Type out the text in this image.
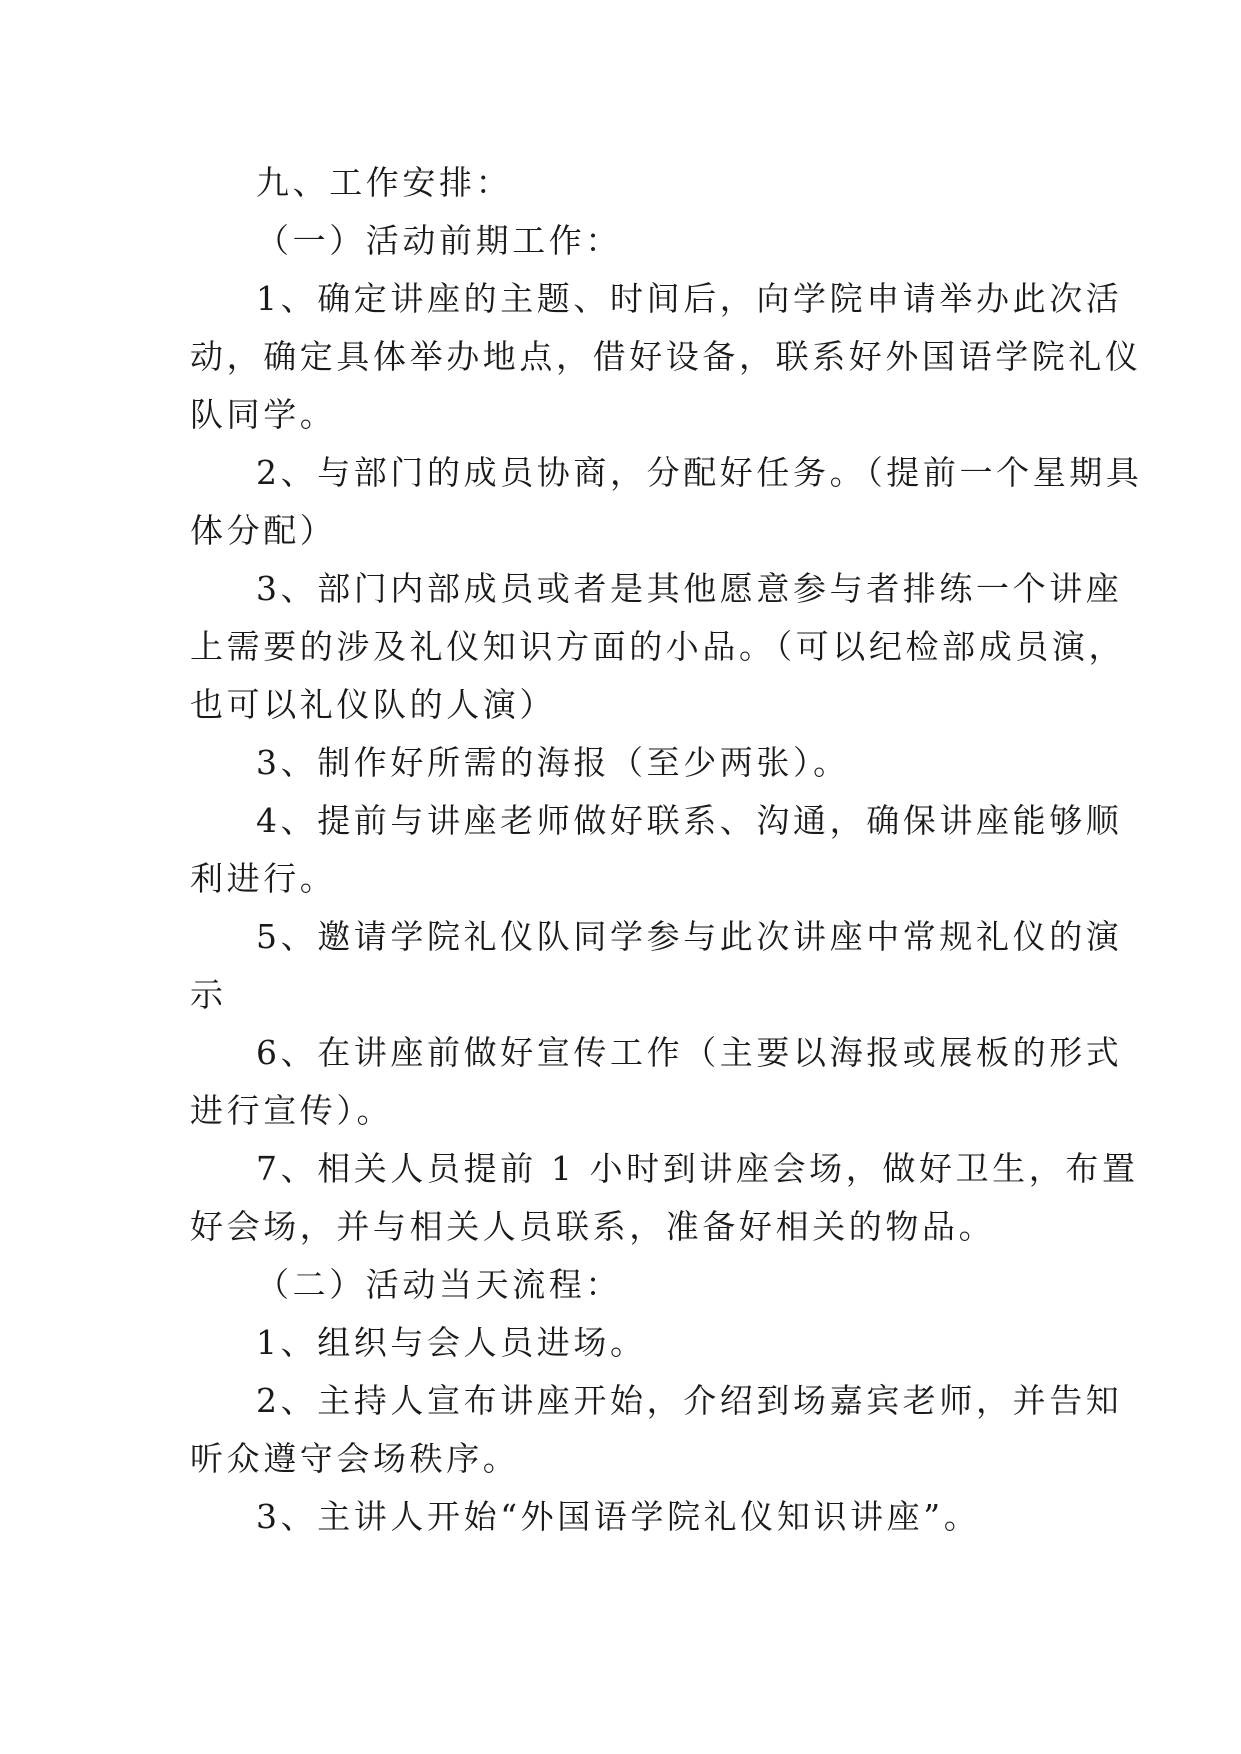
九、工作安排：
（一）活动前期工作：
1、确定讲座的主题、时间后，向学院申请举办此次活
动，确定具体举办地点，借好设备，联系好外国语学院礼仪
队同学。
2、与部门的成员协商，分配好任务。（提前一个星期具
体分配）
3、部门内部成员或者是其他愿意参与者排练一个讲座
上需要的涉及礼仪知识方面的小品。（可以纪检部成员演，
也可以礼仪队的人演）
3、制作好所需的海报（至少两张）。
4、提前与讲座老师做好联系、沟通，确保讲座能够顺
利进行。
5、邀请学院礼仪队同学参与此次讲座中常规礼仪的演
示
6、在讲座前做好宣传工作（主要以海报或展板的形式
进行宣传）。
7、相关人员提前 1 小时到讲座会场，做好卫生，布置
好会场，并与相关人员联系，准备好相关的物品。
（二）活动当天流程：
1、组织与会人员进场。
2、主持人宣布讲座开始，介绍到场嘉宾老师，并告知
听众遵守会场秩序。
3、主讲人开始“外国语学院礼仪知识讲座”。
